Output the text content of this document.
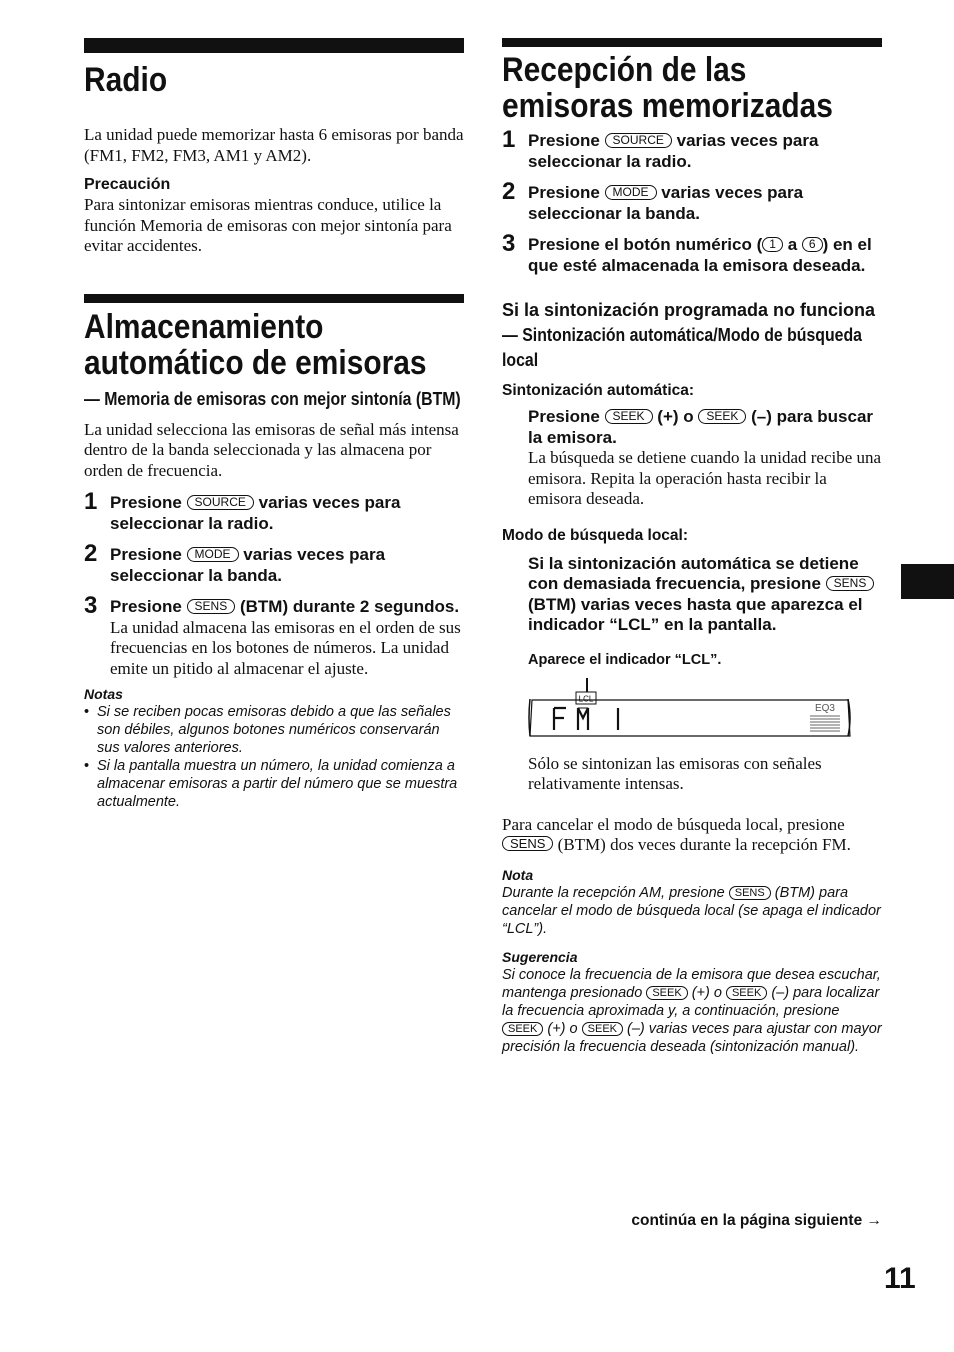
Radio
La unidad puede memorizar hasta 6 emisoras por banda (FM1, FM2, FM3, AM1 y AM2).
Precaución
Para sintonizar emisoras mientras conduce, utilice la función Memoria de emisoras con mejor sintonía para evitar accidentes.
Almacenamiento automático de emisoras
— Memoria de emisoras con mejor sintonía (BTM)
La unidad selecciona las emisoras de señal más intensa dentro de la banda seleccionada y las almacena por orden de frecuencia.
1 Presione SOURCE varias veces para seleccionar la radio.
2 Presione MODE varias veces para seleccionar la banda.
3 Presione SENS (BTM) durante 2 segundos.
La unidad almacena las emisoras en el orden de sus frecuencias en los botones de números. La unidad emite un pitido al almacenar el ajuste.
Notas
• Si se reciben pocas emisoras debido a que las señales son débiles, algunos botones numéricos conservarán sus valores anteriores.
• Si la pantalla muestra un número, la unidad comienza a almacenar emisoras a partir del número que se muestra actualmente.
Recepción de las emisoras memorizadas
1 Presione SOURCE varias veces para seleccionar la radio.
2 Presione MODE varias veces para seleccionar la banda.
3 Presione el botón numérico ( 1 a 6 ) en el que esté almacenada la emisora deseada.
Si la sintonización programada no funciona
— Sintonización automática/Modo de búsqueda local
Sintonización automática:
Presione SEEK (+) o SEEK (–) para buscar la emisora.
La búsqueda se detiene cuando la unidad recibe una emisora. Repita la operación hasta recibir la emisora deseada.
Modo de búsqueda local:
Si la sintonización automática se detiene con demasiada frecuencia, presione SENS (BTM) varias veces hasta que aparezca el indicador “LCL” en la pantalla.
Aparece el indicador “LCL”.
LCL
EQ3
Sólo se sintonizan las emisoras con señales relativamente intensas.
Para cancelar el modo de búsqueda local, presione SENS (BTM) dos veces durante la recepción FM.
Nota
Durante la recepción AM, presione SENS (BTM) para cancelar el modo de búsqueda local (se apaga el indicador “LCL”).
Sugerencia
Si conoce la frecuencia de la emisora que desea escuchar, mantenga presionado SEEK (+) o SEEK (–) para localizar la frecuencia aproximada y, a continuación, presione SEEK (+) o SEEK (–) varias veces para ajustar con mayor precisión la frecuencia deseada (sintonización manual).
continúa en la página siguiente →
11
